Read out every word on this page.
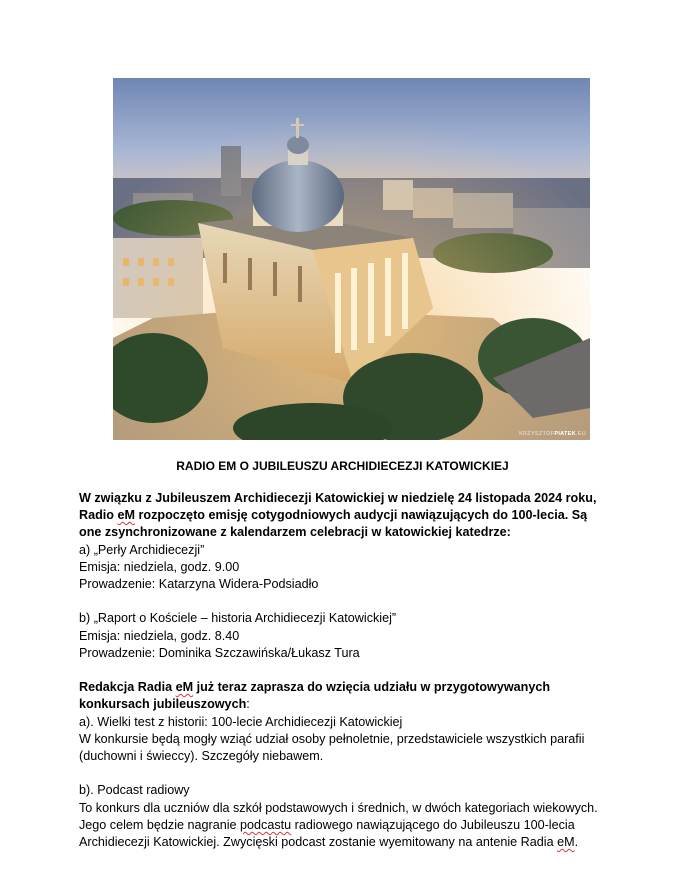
KRZYSZTOFPIATEK.EU
RADIO EM O JUBILEUSZU ARCHIDIECEZJI KATOWICKIEJ

W związku z Jubileuszem Archidiecezji Katowickiej w niedzielę 24 listopada 2024 roku, Radio eM rozpoczęto emisję cotygodniowych audycji nawiązujących do 100-lecia. Są one zsynchronizowane z kalendarzem celebracji w katowickiej katedrze:

a) „Perły Archidiecezji”

Emisja: niedziela, godz. 9.00

Prowadzenie: Katarzyna Widera-Podsiadło

b) „Raport o Kościele – historia Archidiecezji Katowickiej”

Emisja: niedziela, godz. 8.40

Prowadzenie: Dominika Szczawińska/Łukasz Tura

Redakcja Radia eM już teraz zaprasza do wzięcia udziału w przygotowywanych konkursach jubileuszowych:

a). Wielki test z historii: 100-lecie Archidiecezji Katowickiej

W konkursie będą mogły wziąć udział osoby pełnoletnie, przedstawiciele wszystkich parafii (duchowni i świeccy). Szczegóły niebawem.

b). Podcast radiowy

To konkurs dla uczniów dla szkół podstawowych i średnich, w dwóch kategoriach wiekowych. Jego celem będzie nagranie podcastu radiowego nawiązującego do Jubileuszu 100-lecia Archidiecezji Katowickiej. Zwycięski podcast zostanie wyemitowany na antenie Radia eM.
